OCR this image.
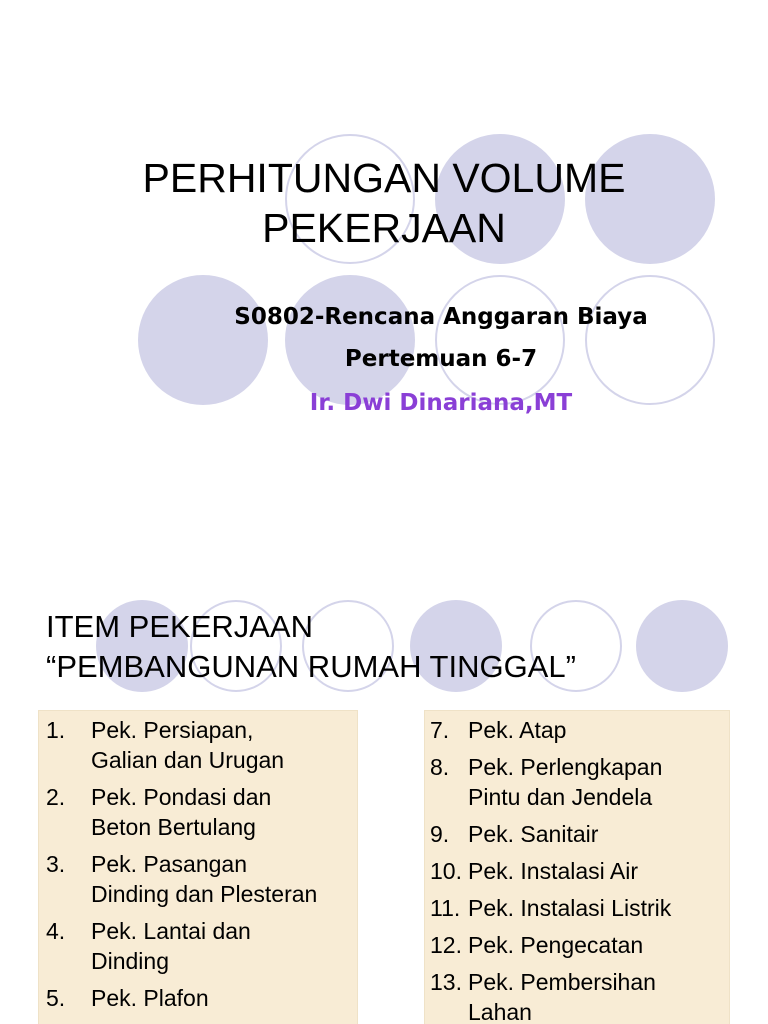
PERHITUNGAN VOLUME
PEKERJAAN
S0802-Rencana Anggaran Biaya
Pertemuan 6-7
Ir. Dwi Dinariana,MT
ITEM PEKERJAAN
“PEMBANGUNAN RUMAH TINGGAL”
1.	Pek. Persiapan,
Galian dan Urugan
2.	Pek. Pondasi dan
Beton Bertulang
3.	Pek. Pasangan
Dinding dan Plesteran
4.	Pek. Lantai dan
Dinding
5.	Pek. Plafon
7. Pek. Atap
8. Pek. Perlengkapan
Pintu dan Jendela
9. Pek. Sanitair
10. Pek. Instalasi Air
11. Pek. Instalasi Listrik
12. Pek. Pengecatan
13. Pek. Pembersihan
Lahan
